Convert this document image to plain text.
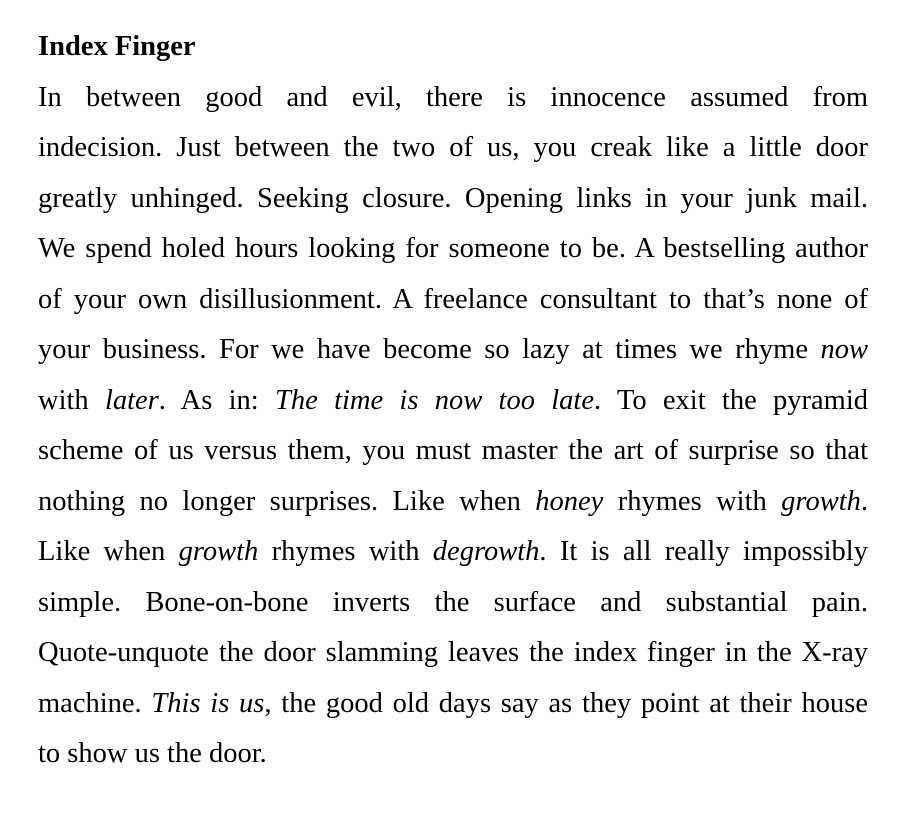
Index Finger
In between good and evil, there is innocence assumed from
indecision. Just between the two of us, you creak like a little door
greatly unhinged. Seeking closure. Opening links in your junk mail.
We spend holed hours looking for someone to be. A bestselling author
of your own disillusionment. A freelance consultant to that’s none of
your business. For we have become so lazy at times we rhyme now
with later. As in: The time is now too late. To exit the pyramid
scheme of us versus them, you must master the art of surprise so that
nothing no longer surprises. Like when honey rhymes with growth.
Like when growth rhymes with degrowth. It is all really impossibly
simple. Bone-on-bone inverts the surface and substantial pain.
Quote-unquote the door slamming leaves the index finger in the X-ray
machine. This is us, the good old days say as they point at their house
to show us the door.
